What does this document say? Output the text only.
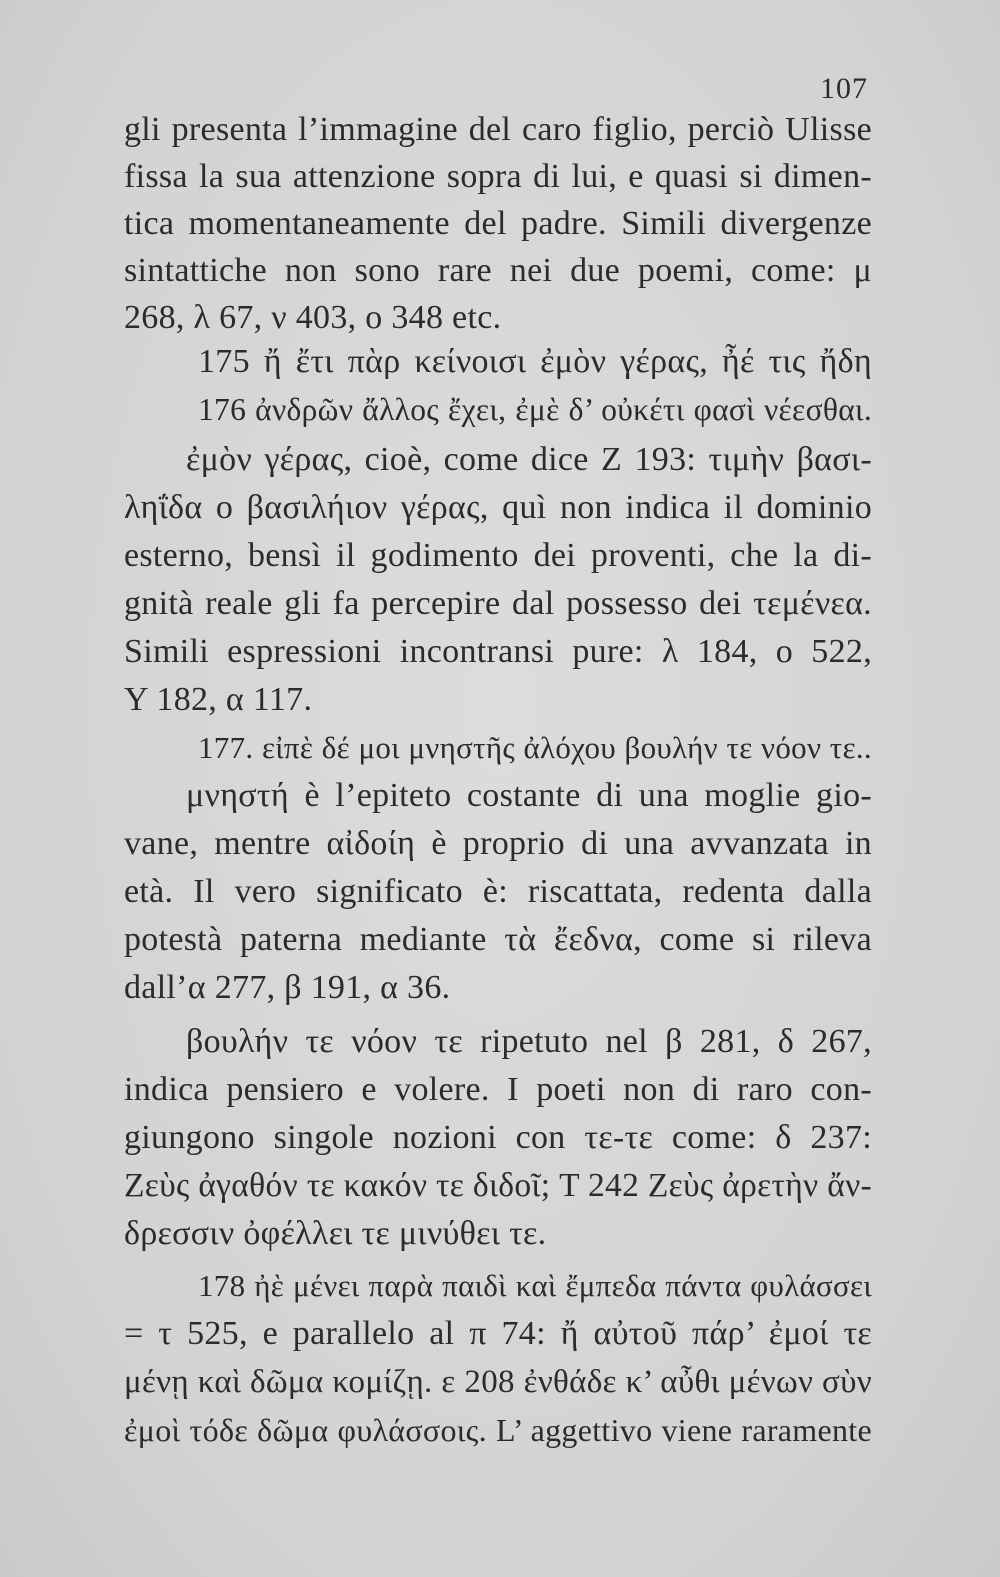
107
gli presenta l’immagine del caro figlio, perciò Ulisse
fissa la sua attenzione sopra di lui, e quasi si dimen-
tica momentaneamente del padre. Simili divergenze
sintattiche non sono rare nei due poemi, come: μ
268, λ 67, ν 403, ο 348 etc.
175 ἤ ἔτι πὰρ κείνοισι ἐμὸν γέρας, ἦέ τις ἤδη
176 ἀνδρῶν ἄλλος ἔχει, ἐμὲ δ’ οὐκέτι φασὶ νέεσθαι.
ἐμὸν γέρας, cioè, come dice Z 193: τιμὴν βασι-
ληΐδα o βασιλήιον γέρας, quì non indica il dominio
esterno, bensì il godimento dei proventi, che la di-
gnità reale gli fa percepire dal possesso dei τεμένεα.
Simili espressioni incontransi pure: λ 184, ο 522,
Y 182, α 117.
177. εἰπὲ δέ μοι μνηστῆς ἀλόχου βουλήν τε νόον τε..
μνηστή è l’epiteto costante di una moglie gio-
vane, mentre αἰδοίη è proprio di una avvanzata in
età. Il vero significato è: riscattata, redenta dalla
potestà paterna mediante τὰ ἔεδνα, come si rileva
dall’α 277, β 191, α 36.
βουλήν τε νόον τε ripetuto nel β 281, δ 267,
indica pensiero e volere. I poeti non di raro con-
giungono singole nozioni con τε-τε come: δ 237:
Ζεὺς ἀγαθόν τε κακόν τε διδοῖ; T 242 Ζεὺς ἀρετὴν ἄν-
δρεσσιν ὀφέλλει τε μινύθει τε.
178 ἠὲ μένει παρὰ παιδὶ καὶ ἔμπεδα πάντα φυλάσσει
= τ 525, e parallelo al π 74: ἤ αὐτοῦ πάρ’ ἐμοί τε
μένῃ καὶ δῶμα κομίζῃ. ε 208 ἐνθάδε κ’ αὖθι μένων σὺν
ἐμοὶ τόδε δῶμα φυλάσσοις. L’ aggettivo viene raramente
